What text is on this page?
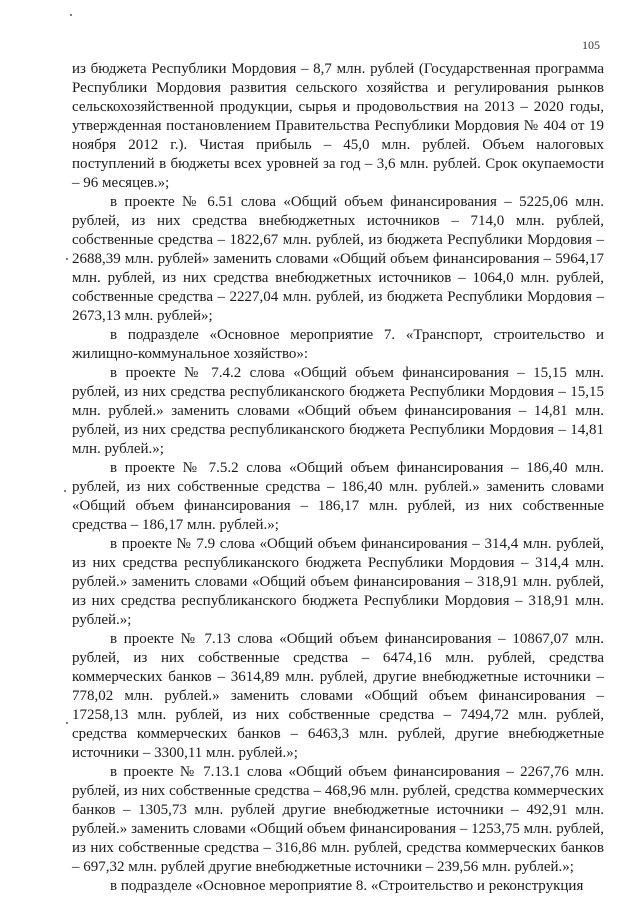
105

из бюджета Республики Мордовия – 8,7 млн. рублей (Государственная программа Республики Мордовия развития сельского хозяйства и регулирования рынков сельскохозяйственной продукции, сырья и продовольствия на 2013 – 2020 годы, утвержденная постановлением Правительства Республики Мордовия № 404 от 19 ноября 2012 г.). Чистая прибыль – 45,0 млн. рублей. Объем налоговых поступлений в бюджеты всех уровней за год – 3,6 млн. рублей. Срок окупаемости – 96 месяцев.»;

в проекте № 6.51 слова «Общий объем финансирования – 5225,06 млн. рублей, из них средства внебюджетных источников – 714,0 млн. рублей, собственные средства – 1822,67 млн. рублей, из бюджета Республики Мордовия – 2688,39 млн. рублей» заменить словами «Общий объем финансирования – 5964,17 млн. рублей, из них средства внебюджетных источников – 1064,0 млн. рублей, собственные средства – 2227,04 млн. рублей, из бюджета Республики Мордовия – 2673,13 млн. рублей»;

в подразделе «Основное мероприятие 7. «Транспорт, строительство и жилищно-коммунальное хозяйство»:

в проекте № 7.4.2 слова «Общий объем финансирования – 15,15 млн. рублей, из них средства республиканского бюджета Республики Мордовия – 15,15 млн. рублей.» заменить словами «Общий объем финансирования – 14,81 млн. рублей, из них средства республиканского бюджета Республики Мордовия – 14,81 млн. рублей.»;

в проекте № 7.5.2 слова «Общий объем финансирования – 186,40 млн. рублей, из них собственные средства – 186,40 млн. рублей.» заменить словами «Общий объем финансирования – 186,17 млн. рублей, из них собственные средства – 186,17 млн. рублей.»;

в проекте № 7.9 слова «Общий объем финансирования – 314,4 млн. рублей, из них средства республиканского бюджета Республики Мордовия – 314,4 млн. рублей.» заменить словами «Общий объем финансирования – 318,91 млн. рублей, из них средства республиканского бюджета Республики Мордовия – 318,91 млн. рублей.»;

в проекте № 7.13 слова «Общий объем финансирования – 10867,07 млн. рублей, из них собственные средства – 6474,16 млн. рублей, средства коммерческих банков – 3614,89 млн. рублей, другие внебюджетные источники – 778,02 млн. рублей.» заменить словами «Общий объем финансирования – 17258,13 млн. рублей, из них собственные средства – 7494,72 млн. рублей, средства коммерческих банков – 6463,3 млн. рублей, другие внебюджетные источники – 3300,11 млн. рублей.»;

в проекте № 7.13.1 слова «Общий объем финансирования – 2267,76 млн. рублей, из них собственные средства – 468,96 млн. рублей, средства коммерческих банков – 1305,73 млн. рублей другие внебюджетные источники – 492,91 млн. рублей.» заменить словами «Общий объем финансирования – 1253,75 млн. рублей, из них собственные средства – 316,86 млн. рублей, средства коммерческих банков – 697,32 млн. рублей другие внебюджетные источники – 239,56 млн. рублей.»;

в подразделе «Основное мероприятие 8. «Строительство и реконструкция
